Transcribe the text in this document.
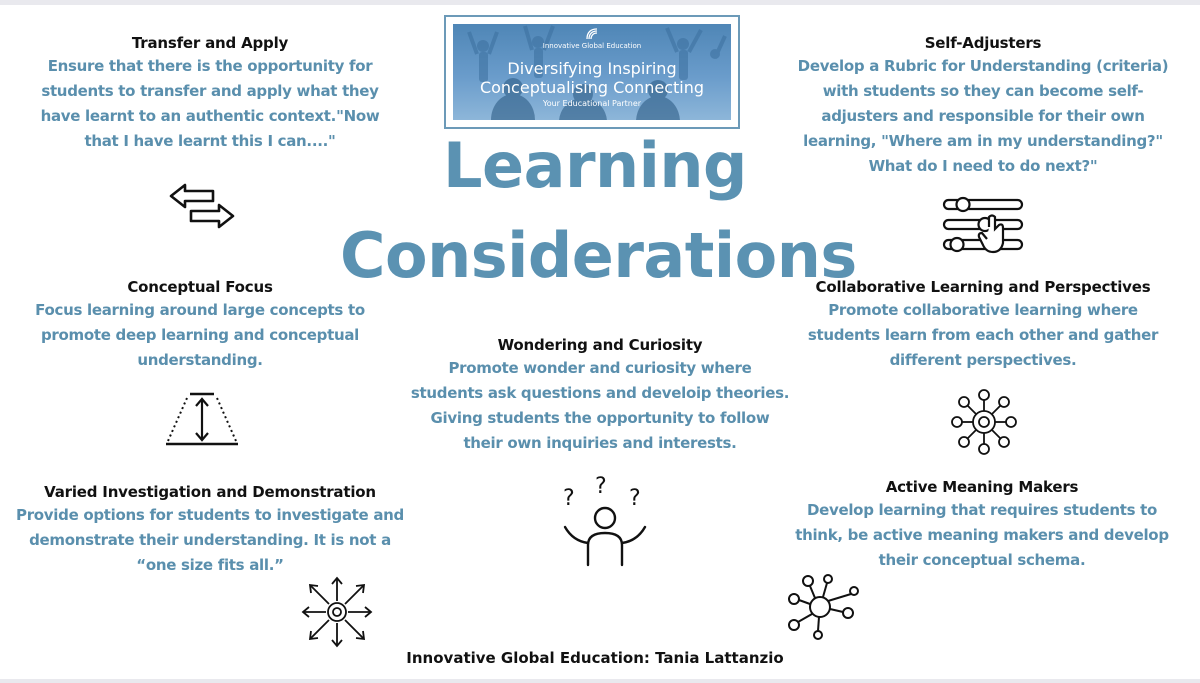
Innovative Global Education
Diversifying Inspiring
Conceptualising Connecting
Your Educational Partner
Learning
Considerations
Transfer and Apply
Ensure that there is the opportunity for
students to transfer and apply what they
have learnt to an authentic context."Now
that I have learnt this I can...."
Self-Adjusters
Develop a Rubric for Understanding (criteria)
with students so they can become self-
adjusters and responsible for their own
learning, "Where am in my understanding?"
What do I need to do next?"
Conceptual Focus
Focus learning around large concepts to
promote deep learning and conceptual
understanding.
Collaborative Learning and Perspectives
Promote collaborative learning where
students learn from each other and gather
different perspectives.
Wondering and Curiosity
Promote wonder and curiosity where
students ask questions and develoip theories.
Giving students the opportunity to follow
their own inquiries and interests.
? ? ?
Varied Investigation and Demonstration
Provide options for students to investigate and
demonstrate their understanding. It is not a
“one size fits all.”
Active Meaning Makers
Develop learning that requires students to
think, be active meaning makers and develop
their conceptual schema.
Innovative Global Education: Tania Lattanzio
